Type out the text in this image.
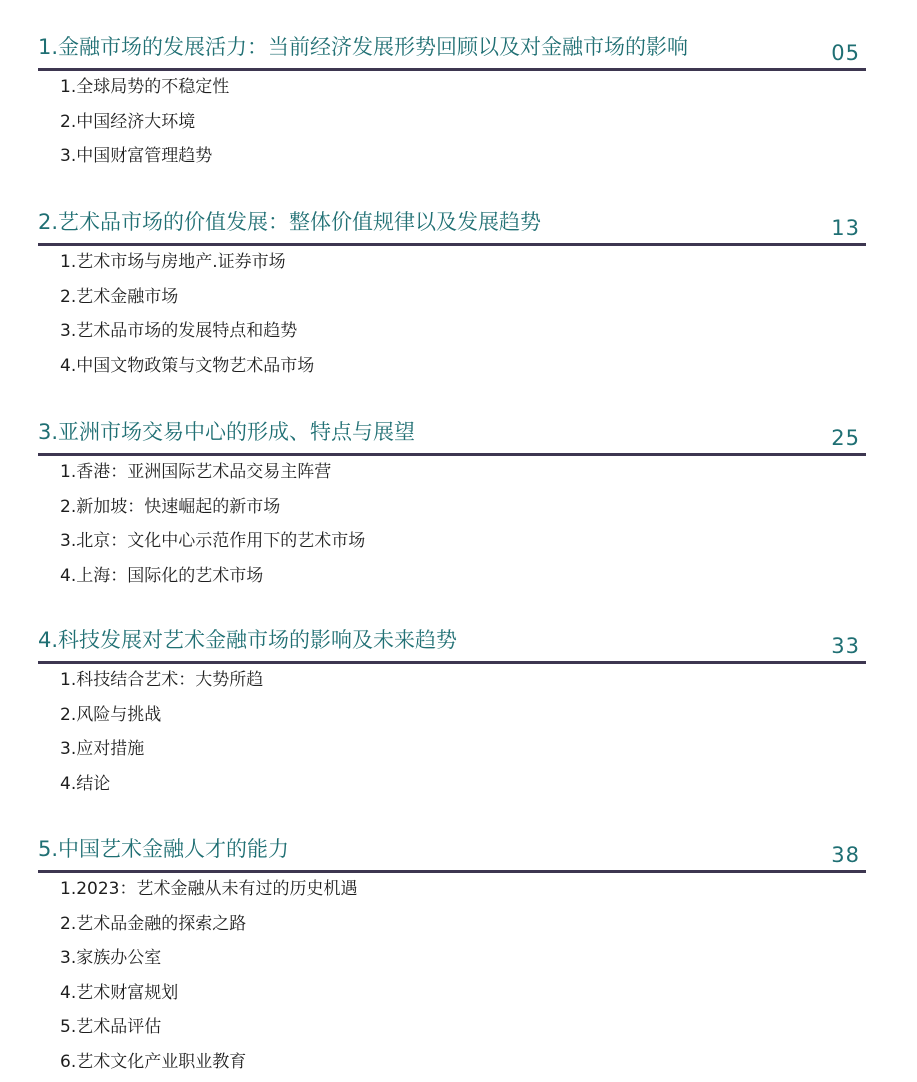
1.金融市场的发展活力：当前经济发展形势回顾以及对金融市场的影响	05
1.全球局势的不稳定性
2.中国经济大环境
3.中国财富管理趋势
2.艺术品市场的价值发展：整体价值规律以及发展趋势	13
1.艺术市场与房地产.证券市场
2.艺术金融市场
3.艺术品市场的发展特点和趋势
4.中国文物政策与文物艺术品市场
3.亚洲市场交易中心的形成、特点与展望	25
1.香港：亚洲国际艺术品交易主阵营
2.新加坡：快速崛起的新市场
3.北京：文化中心示范作用下的艺术市场
4.上海：国际化的艺术市场
4.科技发展对艺术金融市场的影响及未来趋势	33
1.科技结合艺术：大势所趋
2.风险与挑战
3.应对措施
4.结论
5.中国艺术金融人才的能力	38
1.2023：艺术金融从未有过的历史机遇
2.艺术品金融的探索之路
3.家族办公室
4.艺术财富规划
5.艺术品评估
6.艺术文化产业职业教育
